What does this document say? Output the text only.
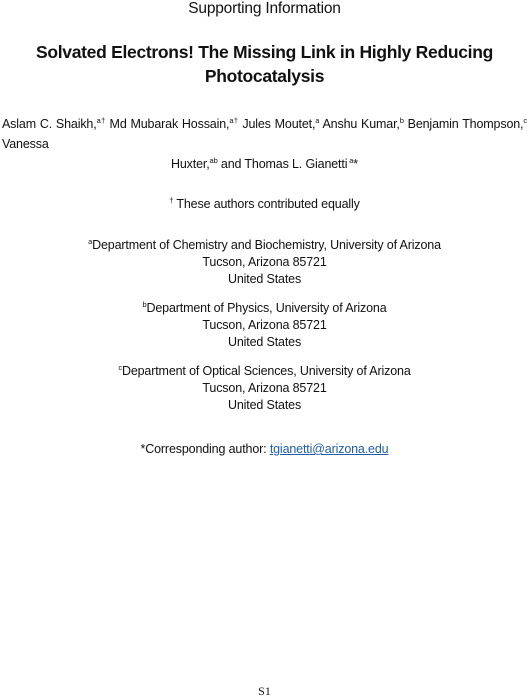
Supporting Information
Solvated Electrons! The Missing Link in Highly Reducing Photocatalysis
Aslam C. Shaikh,$^{a\dagger}$ Md Mubarak Hossain,$^{a\dagger}$ Jules Moutet,$^a$ Anshu Kumar,$^b$ Benjamin Thompson,$^c$ Vanessa
Huxter,$^{ab}$ and Thomas L. Gianetti $^a$*
† These authors contributed equally
$^a$Department of Chemistry and Biochemistry, University of Arizona
Tucson, Arizona 85721
United States
$^b$Department of Physics, University of Arizona
Tucson, Arizona 85721
United States
$^c$Department of Optical Sciences, University of Arizona
Tucson, Arizona 85721
United States
*Corresponding author: tgianetti@arizona.edu
S1
